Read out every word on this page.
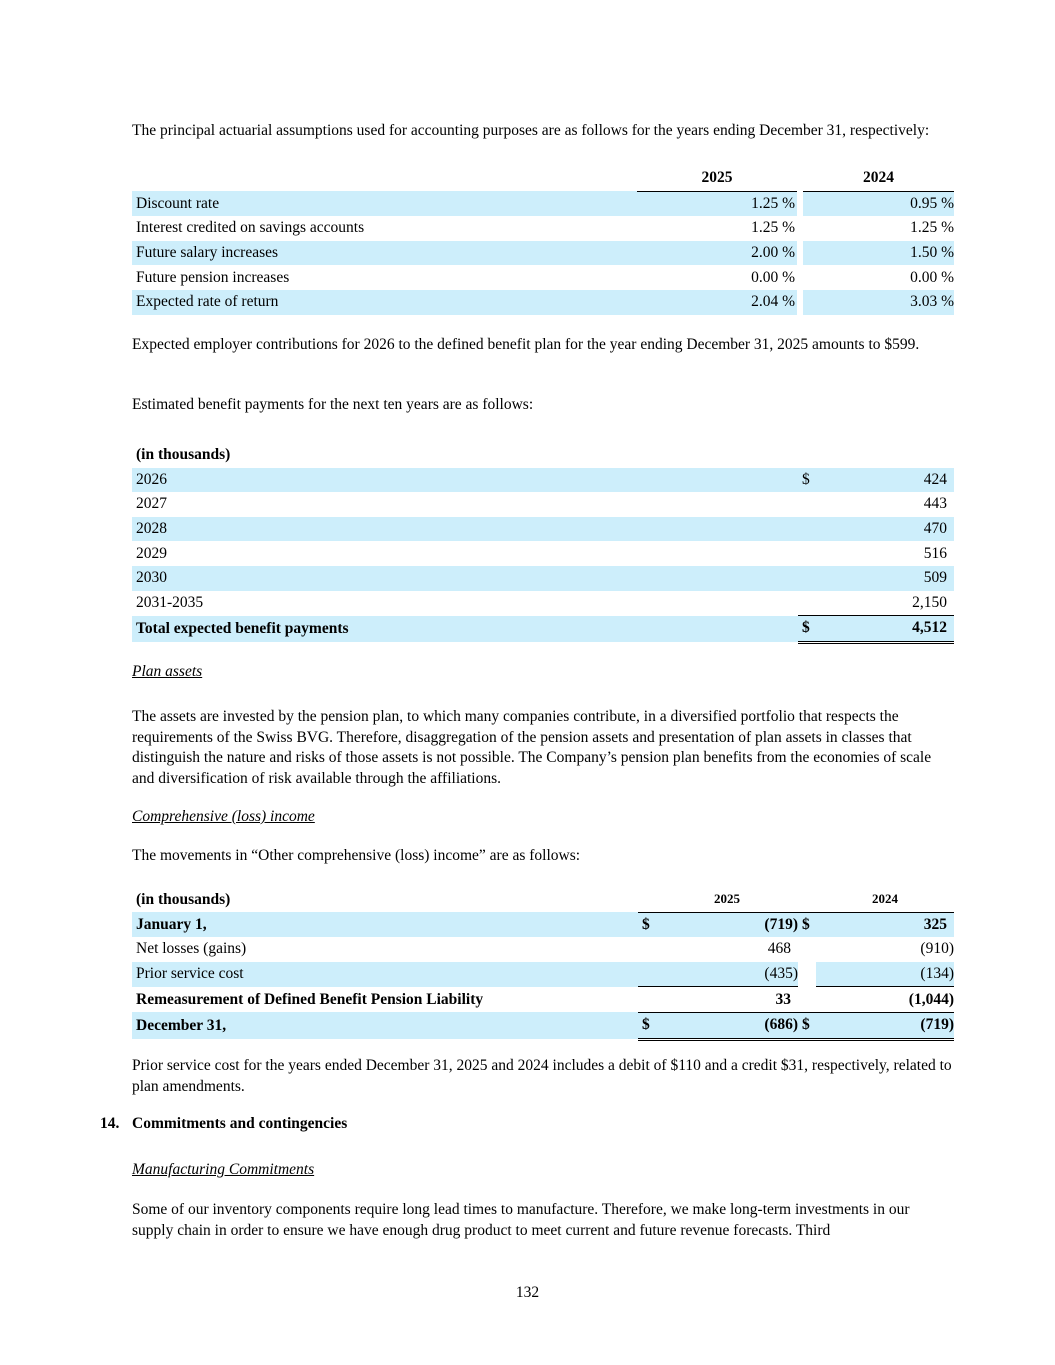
The principal actuarial assumptions used for accounting purposes are as follows for the years ending December 31, respectively:
	2025		2024
Discount rate	1.25 %		0.95 %
Interest credited on savings accounts	1.25 %		1.25 %
Future salary increases	2.00 %		1.50 %
Future pension increases	0.00 %		0.00 %
Expected rate of return	2.04 %		3.03 %
Expected employer contributions for 2026 to the defined benefit plan for the year ending December 31, 2025 amounts to $599.
Estimated benefit payments for the next ten years are as follows:
(in thousands)		
2026	$	424
2027		443
2028		470
2029		516
2030		509
2031-2035		2,150
Total expected benefit payments	$	4,512
Plan assets
The assets are invested by the pension plan, to which many companies contribute, in a diversified portfolio that respects the requirements of the Swiss BVG. Therefore, disaggregation of the pension assets and presentation of plan assets in classes that distinguish the nature and risks of those assets is not possible. The Company’s pension plan benefits from the economies of scale and diversification of risk available through the affiliations.
Comprehensive (loss) income
The movements in “Other comprehensive (loss) income” are as follows:
(in thousands)		2025		2024
January 1,	$	(719)	$	325
Net losses (gains)		468		(910)
Prior service cost		(435)		(134)
Remeasurement of Defined Benefit Pension Liability		33		(1,044)
December 31,	$	(686)	$	(719)
Prior service cost for the years ended December 31, 2025 and 2024 includes a debit of $110 and a credit $31, respectively, related to plan amendments.
14. Commitments and contingencies
Manufacturing Commitments
Some of our inventory components require long lead times to manufacture. Therefore, we make long-term investments in our supply chain in order to ensure we have enough drug product to meet current and future revenue forecasts. Third
132
